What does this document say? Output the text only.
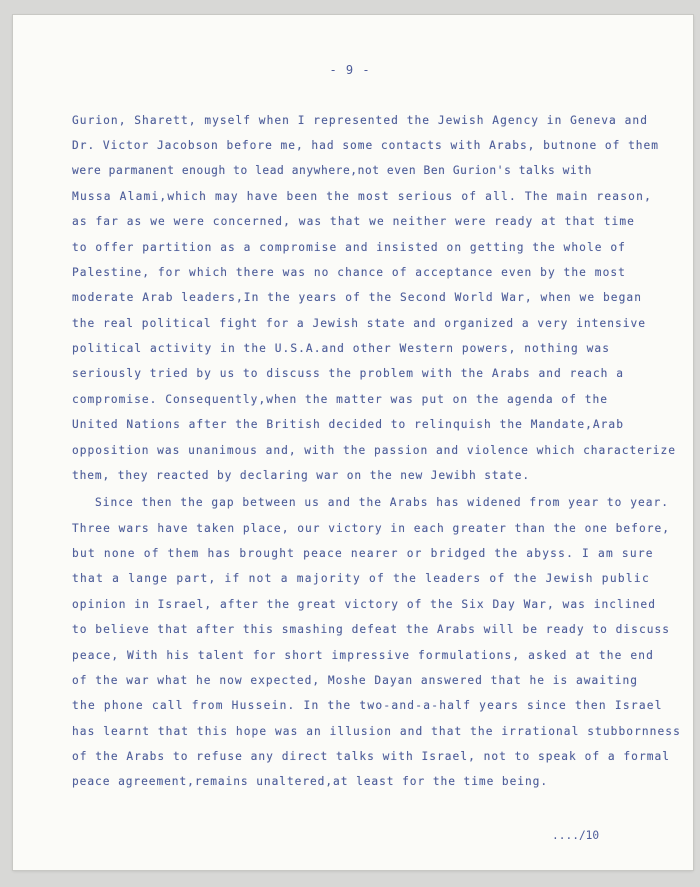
- 9 -
Gurion, Sharett, myself when I represented the Jewish Agency in Geneva and
Dr. Victor Jacobson before me, had some contacts with Arabs, butnone of them
were parmanent enough to lead anywhere,not even Ben Gurion's talks with
Mussa Alami,which may have been the most serious of all. The main reason,
as far as we were concerned, was that we neither were ready at that time
to offer partition as a compromise and insisted on getting the whole of
Palestine, for which there was no chance of acceptance even by the most
moderate Arab leaders,In the years of the Second World War, when we began
the real political fight for a Jewish state and organized a very intensive
political activity in the U.S.A.and other Western powers, nothing was
seriously tried by us to discuss the problem with the Arabs and reach a
compromise. Consequently,when the matter was put on the agenda of the
United Nations after the British decided to relinquish the Mandate,Arab
opposition was unanimous and, with the passion and violence which characterize
them, they reacted by declaring war on the new Jewibh state.
Since then the gap between us and the Arabs has widened from year to year.
Three wars have taken place, our victory in each greater than the one before,
but none of them has brought peace nearer or bridged the abyss. I am sure
that a lange part, if not a majority of the leaders of the Jewish public
opinion in Israel, after the great victory of the Six Day War, was inclined
to believe that after this smashing defeat the Arabs will be ready to discuss
peace, With his talent for short impressive formulations, asked at the end
of the war what he now expected, Moshe Dayan answered that he is awaiting
the phone call from Hussein. In the two-and-a-half years since then Israel
has learnt that this hope was an illusion and that the irrational stubbornness
of the Arabs to refuse any direct talks with Israel, not to speak of a formal
peace agreement,remains unaltered,at least for the time being.
..../10
